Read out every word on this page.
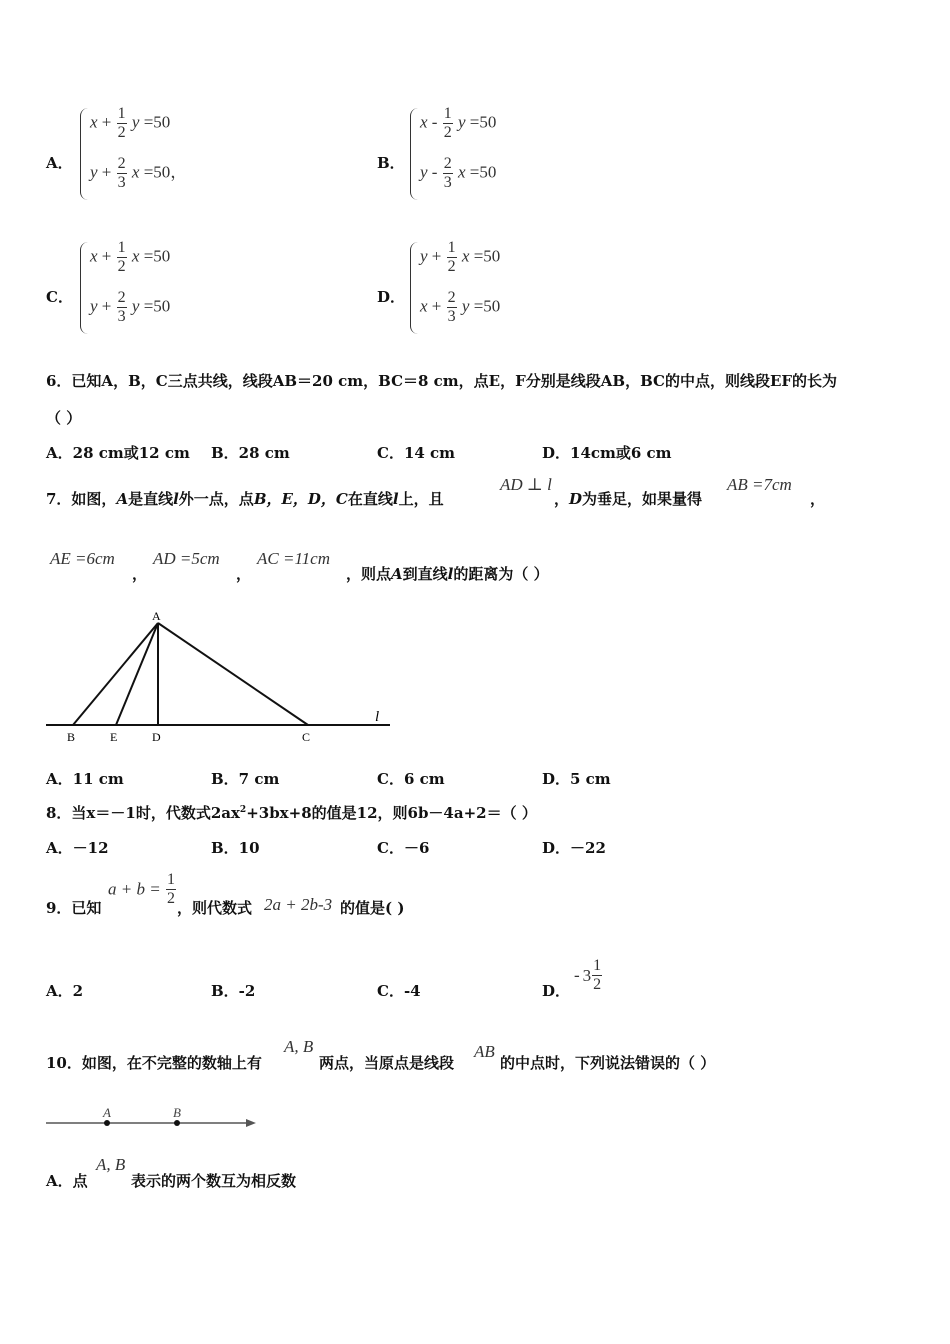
A．
$x + \frac{1}{2}$ y =50
$y + \frac{2}{3}$ x =50，	B．
x - $\frac{1}{2}$ y =50
y - $\frac{2}{3}$ x =50
C．
$x + \frac{1}{2}$ x =50
$y + \frac{2}{3}$ y =50	D．
$y + \frac{1}{2}$ x =50
$x + \frac{2}{3}$ y =50
6．已知A，B，C三点共线，线段AB＝20 cm，BC＝8 cm，点E，F分别是线段AB，BC的中点，则线段EF的长为
（ ）
A．28 cm或12 cm B．28 cm	C．14 cm	D．14cm或6 cm
7．如图，A是直线l外一点，点B，E，D，C在直线l上，且
AD ⊥ l
，D为垂足，如果量得
AB =7cm
，
AE =6cm
，
AD =5cm
，
AC =11cm
，则点A到直线l的距离为（ ）
A
B	E	D	C
l
A．11 cm	B．7 cm	C．6 cm	D．5 cm
8．当x＝－1时，代数式$2ax^2+3bx+8$的值是12，则6b－4a+2＝（ ）
A．－12	B．10	C．－6	D．－22
9．已知
$a + b = \frac{1}{2}$
，则代数式 2a + 2b-3 的值是( )
A．2	B．-2	C．-4	D．
- $3 \frac{1}{2}$
10．如图，在不完整的数轴上有
A, B
两点，当原点是线段
AB
的中点时，下列说法错误的（ ）
A	B
A．点
A, B
表示的两个数互为相反数
